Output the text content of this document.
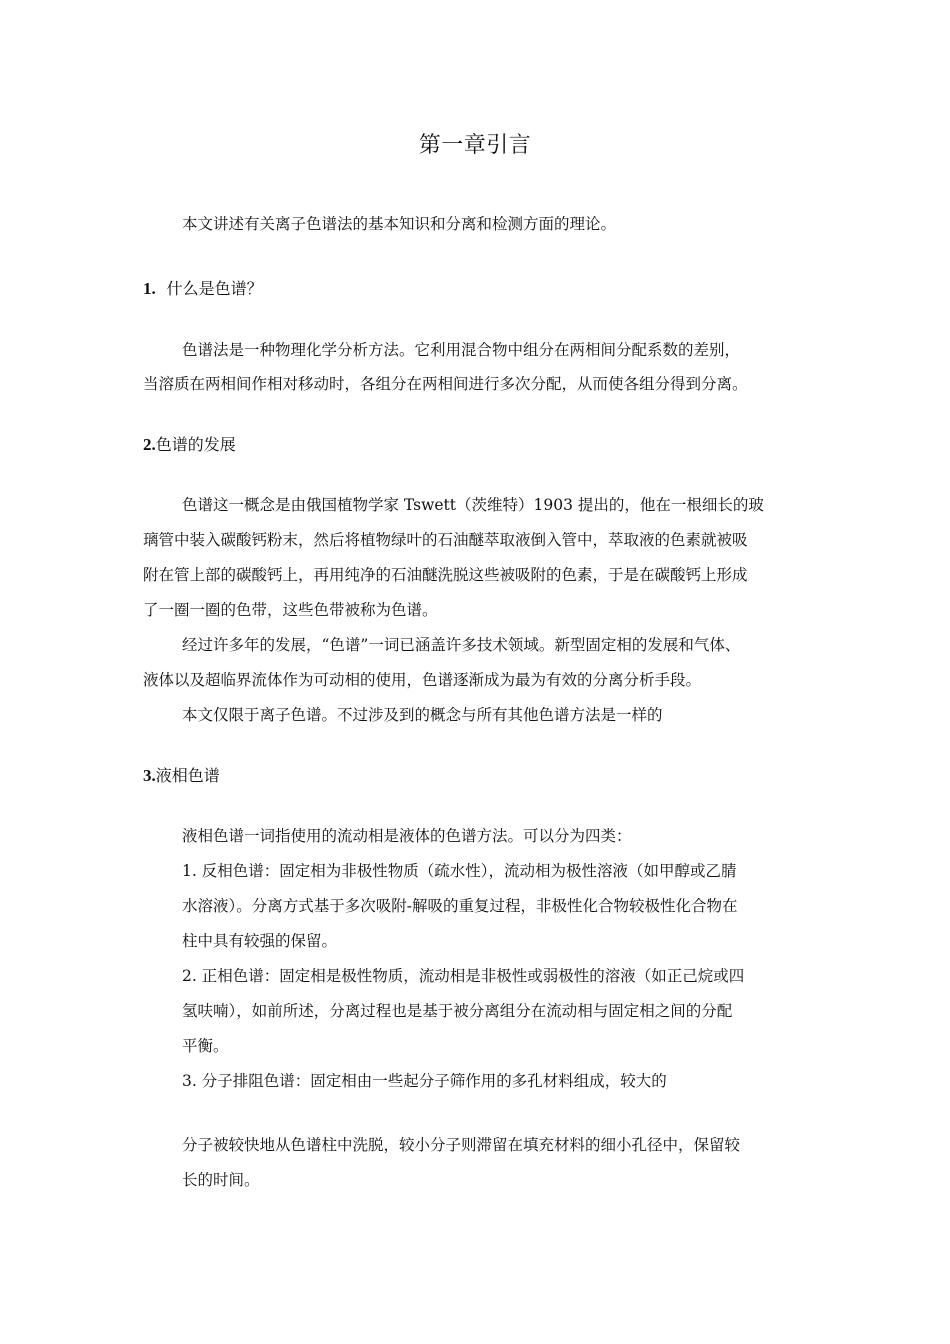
第一章引言
本文讲述有关离子色谱法的基本知识和分离和检测方面的理论。
1. 什么是色谱？
色谱法是一种物理化学分析方法。它利用混合物中组分在两相间分配系数的差别，
当溶质在两相间作相对移动时，各组分在两相间进行多次分配，从而使各组分得到分离。
2.色谱的发展
色谱这一概念是由俄国植物学家 Tswett（茨维特）1903 提出的，他在一根细长的玻
璃管中装入碳酸钙粉末，然后将植物绿叶的石油醚萃取液倒入管中，萃取液的色素就被吸
附在管上部的碳酸钙上，再用纯净的石油醚洗脱这些被吸附的色素，于是在碳酸钙上形成
了一圈一圈的色带，这些色带被称为色谱。
经过许多年的发展，“色谱”一词已涵盖许多技术领域。新型固定相的发展和气体、
液体以及超临界流体作为可动相的使用，色谱逐渐成为最为有效的分离分析手段。
本文仅限于离子色谱。不过涉及到的概念与所有其他色谱方法是一样的
3.液相色谱
液相色谱一词指使用的流动相是液体的色谱方法。可以分为四类：
1. 反相色谱：固定相为非极性物质（疏水性），流动相为极性溶液（如甲醇或乙腈
水溶液）。分离方式基于多次吸附-解吸的重复过程，非极性化合物较极性化合物在
柱中具有较强的保留。
2. 正相色谱：固定相是极性物质，流动相是非极性或弱极性的溶液（如正己烷或四
氢呋喃），如前所述，分离过程也是基于被分离组分在流动相与固定相之间的分配
平衡。
3. 分子排阻色谱：固定相由一些起分子筛作用的多孔材料组成，较大的
分子被较快地从色谱柱中洗脱，较小分子则滞留在填充材料的细小孔径中，保留较
长的时间。
